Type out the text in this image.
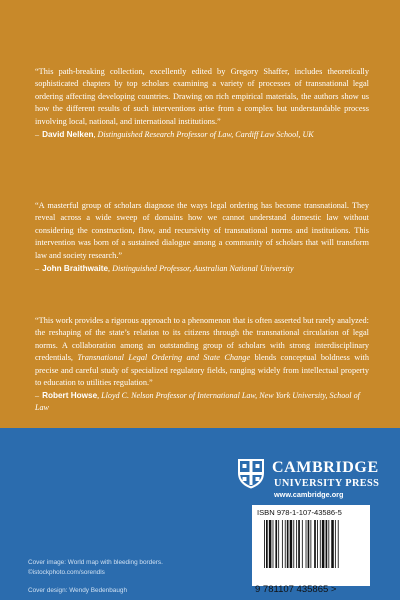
“This path-breaking collection, excellently edited by Gregory Shaffer, includes theoretically sophisticated chapters by top scholars examining a variety of processes of transnational legal ordering affecting developing countries. Drawing on rich empirical materials, the authors show us how the different results of such interventions arise from a complex but understandable process involving local, national, and international institutions.”
– David Nelken, Distinguished Research Professor of Law, Cardiff Law School, UK
“A masterful group of scholars diagnose the ways legal ordering has become transnational. They reveal across a wide sweep of domains how we cannot understand domestic law without considering the construction, flow, and recursivity of transnational norms and institutions. This intervention was born of a sustained dialogue among a community of scholars that will transform law and society research.”
– John Braithwaite, Distinguished Professor, Australian National University
“This work provides a rigorous approach to a phenomenon that is often asserted but rarely analyzed: the reshaping of the state’s relation to its citizens through the transnational circulation of legal norms. A collaboration among an outstanding group of scholars with strong interdisciplinary credentials, Transnational Legal Ordering and State Change blends conceptual boldness with precise and careful study of specialized regulatory fields, ranging widely from intellectual property to education to utilities regulation.”
– Robert Howse, Lloyd C. Nelson Professor of International Law, New York University, School of Law
CAMBRIDGE
UNIVERSITY PRESS
www.cambridge.org
ISBN 978-1-107-43586-5
9 781107 435865 >
Cover image: World map with bleeding borders. ©istockphoto.com/sorendls
Cover design: Wendy Bedenbaugh
